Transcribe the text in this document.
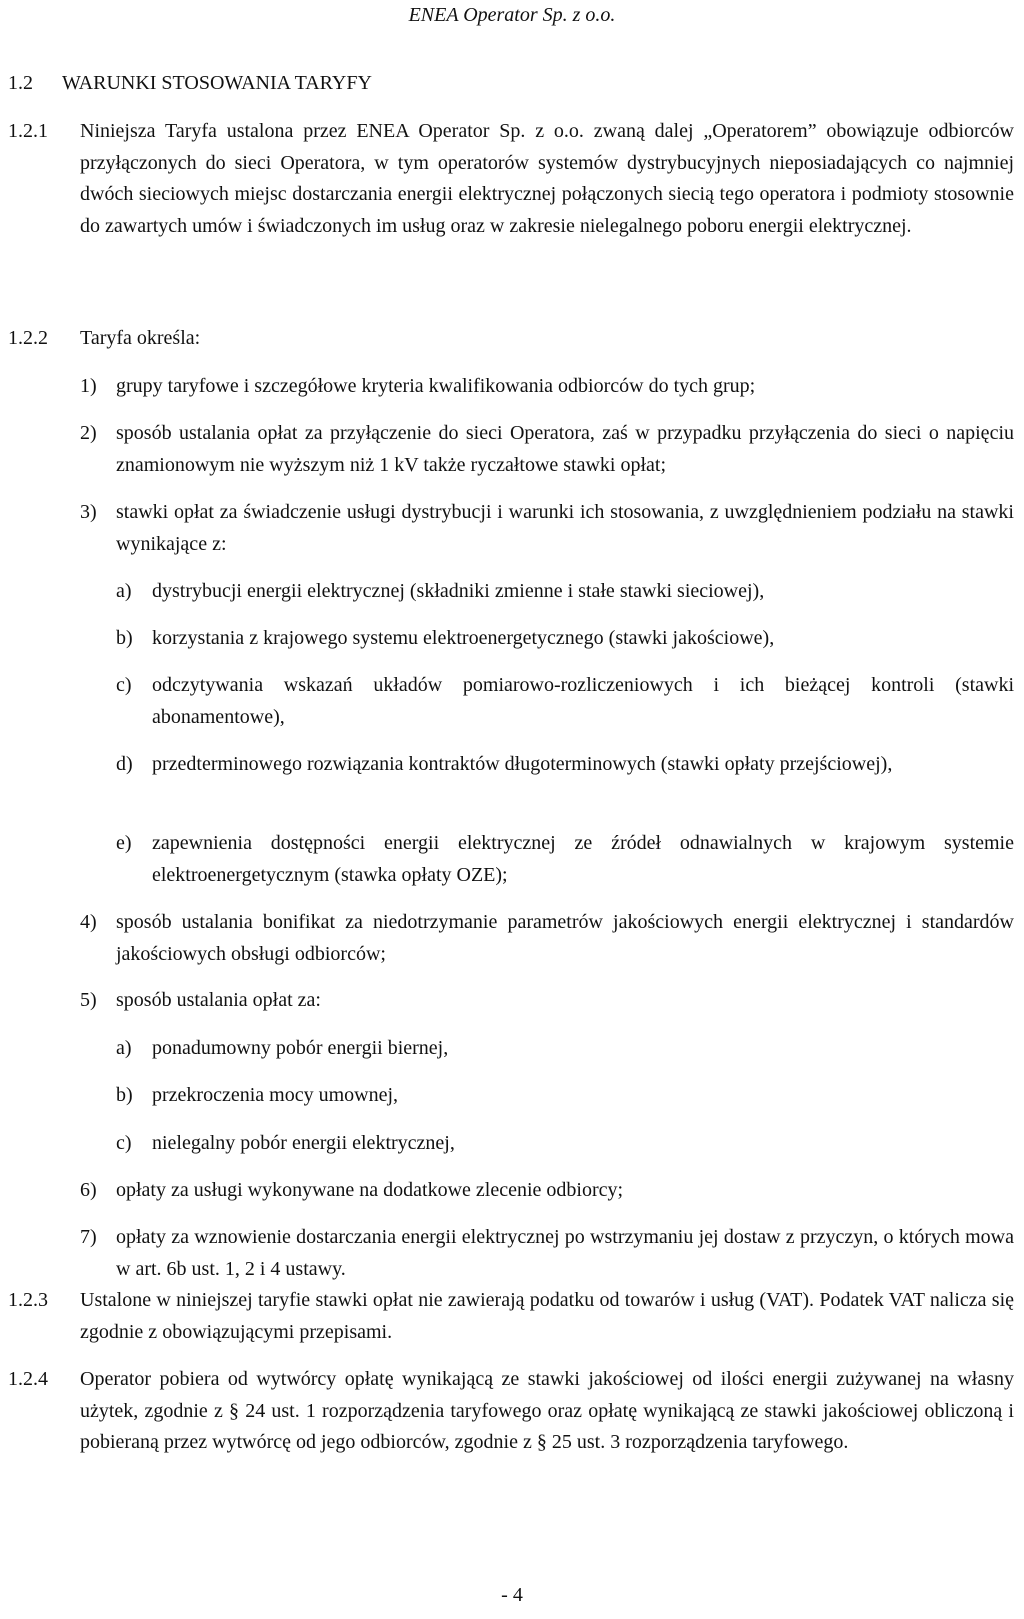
ENEA Operator Sp. z o.o.
1.2 WARUNKI STOSOWANIA TARYFY
1.2.1 Niniejsza Taryfa ustalona przez ENEA Operator Sp. z o.o. zwaną dalej „Operatorem” obowiązuje odbiorców przyłączonych do sieci Operatora, w tym operatorów systemów dystrybucyjnych nieposiadających co najmniej dwóch sieciowych miejsc dostarczania energii elektrycznej połączonych siecią tego operatora i podmioty stosownie do zawartych umów i świadczonych im usług oraz w zakresie nielegalnego poboru energii elektrycznej.
1.2.2 Taryfa określa:
1) grupy taryfowe i szczegółowe kryteria kwalifikowania odbiorców do tych grup;
2) sposób ustalania opłat za przyłączenie do sieci Operatora, zaś w przypadku przyłączenia do sieci o napięciu znamionowym nie wyższym niż 1 kV także ryczałtowe stawki opłat;
3) stawki opłat za świadczenie usługi dystrybucji i warunki ich stosowania, z uwzględnieniem podziału na stawki wynikające z:
a) dystrybucji energii elektrycznej (składniki zmienne i stałe stawki sieciowej),
b) korzystania z krajowego systemu elektroenergetycznego (stawki jakościowe),
c) odczytywania wskazań układów pomiarowo-rozliczeniowych i ich bieżącej kontroli (stawki abonamentowe),
d) przedterminowego rozwiązania kontraktów długoterminowych (stawki opłaty przejściowej),
e) zapewnienia dostępności energii elektrycznej ze źródeł odnawialnych w krajowym systemie elektroenergetycznym (stawka opłaty OZE);
4) sposób ustalania bonifikat za niedotrzymanie parametrów jakościowych energii elektrycznej i standardów jakościowych obsługi odbiorców;
5) sposób ustalania opłat za:
a) ponadumowny pobór energii biernej,
b) przekroczenia mocy umownej,
c) nielegalny pobór energii elektrycznej,
6) opłaty za usługi wykonywane na dodatkowe zlecenie odbiorcy;
7) opłaty za wznowienie dostarczania energii elektrycznej po wstrzymaniu jej dostaw z przyczyn, o których mowa w art. 6b ust. 1, 2 i 4 ustawy.
1.2.3 Ustalone w niniejszej taryfie stawki opłat nie zawierają podatku od towarów i usług (VAT). Podatek VAT nalicza się zgodnie z obowiązującymi przepisami.
1.2.4 Operator pobiera od wytwórcy opłatę wynikającą ze stawki jakościowej od ilości energii zużywanej na własny użytek, zgodnie z § 24 ust. 1 rozporządzenia taryfowego oraz opłatę wynikającą ze stawki jakościowej obliczoną i pobieraną przez wytwórcę od jego odbiorców, zgodnie z § 25 ust. 3 rozporządzenia taryfowego.
- 4
